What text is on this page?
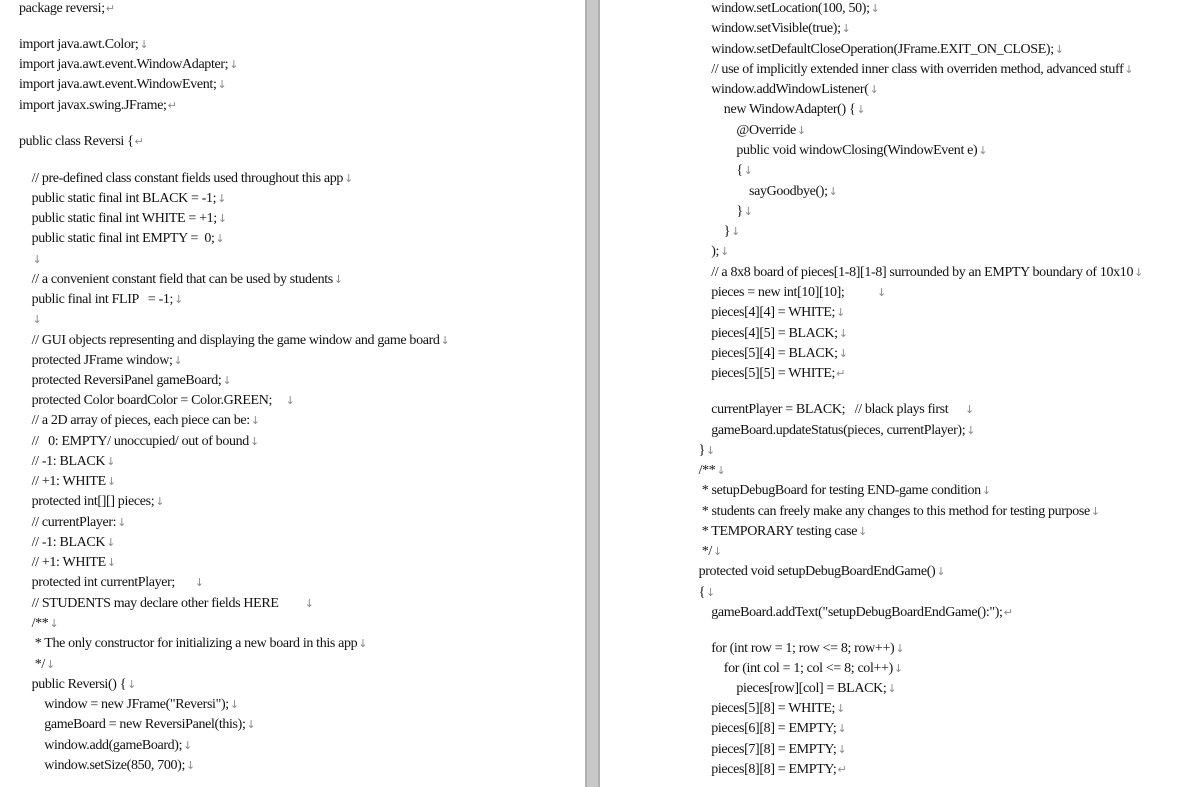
package reversi;↵
import java.awt.Color;↓
import java.awt.event.WindowAdapter;↓
import java.awt.event.WindowEvent;↓
import javax.swing.JFrame;↵
public class Reversi {↵
// pre-defined class constant fields used throughout this app↓
public static final int BLACK = -1;↓
public static final int WHITE = +1;↓
public static final int EMPTY =  0;↓
↓
// a convenient constant field that can be used by students↓
public final int FLIP   = -1;↓
↓
// GUI objects representing and displaying the game window and game board↓
protected JFrame window;↓
protected ReversiPanel gameBoard;↓
protected Color boardColor = Color.GREEN;    ↓
// a 2D array of pieces, each piece can be:↓
//   0: EMPTY/ unoccupied/ out of bound↓
// -1: BLACK↓
// +1: WHITE↓
protected int[][] pieces;↓
// currentPlayer:↓
// -1: BLACK↓
// +1: WHITE↓
protected int currentPlayer;      ↓
// STUDENTS may declare other fields HERE        ↓
/**↓
* The only constructor for initializing a new board in this app↓
*/↓
public Reversi() {↓
window = new JFrame("Reversi");↓
gameBoard = new ReversiPanel(this);↓
window.add(gameBoard);↓
window.setSize(850, 700);↓
window.setLocation(100, 50);↓
window.setVisible(true);↓
window.setDefaultCloseOperation(JFrame.EXIT_ON_CLOSE);↓
// use of implicitly extended inner class with overriden method, advanced stuff↓
window.addWindowListener(↓
new WindowAdapter() {↓
@Override↓
public void windowClosing(WindowEvent e)↓
{↓
sayGoodbye();↓
}↓
}↓
);↓
// a 8x8 board of pieces[1-8][1-8] surrounded by an EMPTY boundary of 10x10↓
pieces = new int[10][10];          ↓
pieces[4][4] = WHITE;↓
pieces[4][5] = BLACK;↓
pieces[5][4] = BLACK;↓
pieces[5][5] = WHITE;↵
currentPlayer = BLACK;   // black plays first     ↓
gameBoard.updateStatus(pieces, currentPlayer);↓
}↓
/**↓
* setupDebugBoard for testing END-game condition↓
* students can freely make any changes to this method for testing purpose↓
* TEMPORARY testing case↓
*/↓
protected void setupDebugBoardEndGame()↓
{↓
gameBoard.addText("setupDebugBoardEndGame():");↵
for (int row = 1; row <= 8; row++)↓
for (int col = 1; col <= 8; col++)↓
pieces[row][col] = BLACK;↓
pieces[5][8] = WHITE;↓
pieces[6][8] = EMPTY;↓
pieces[7][8] = EMPTY;↓
pieces[8][8] = EMPTY;↵
